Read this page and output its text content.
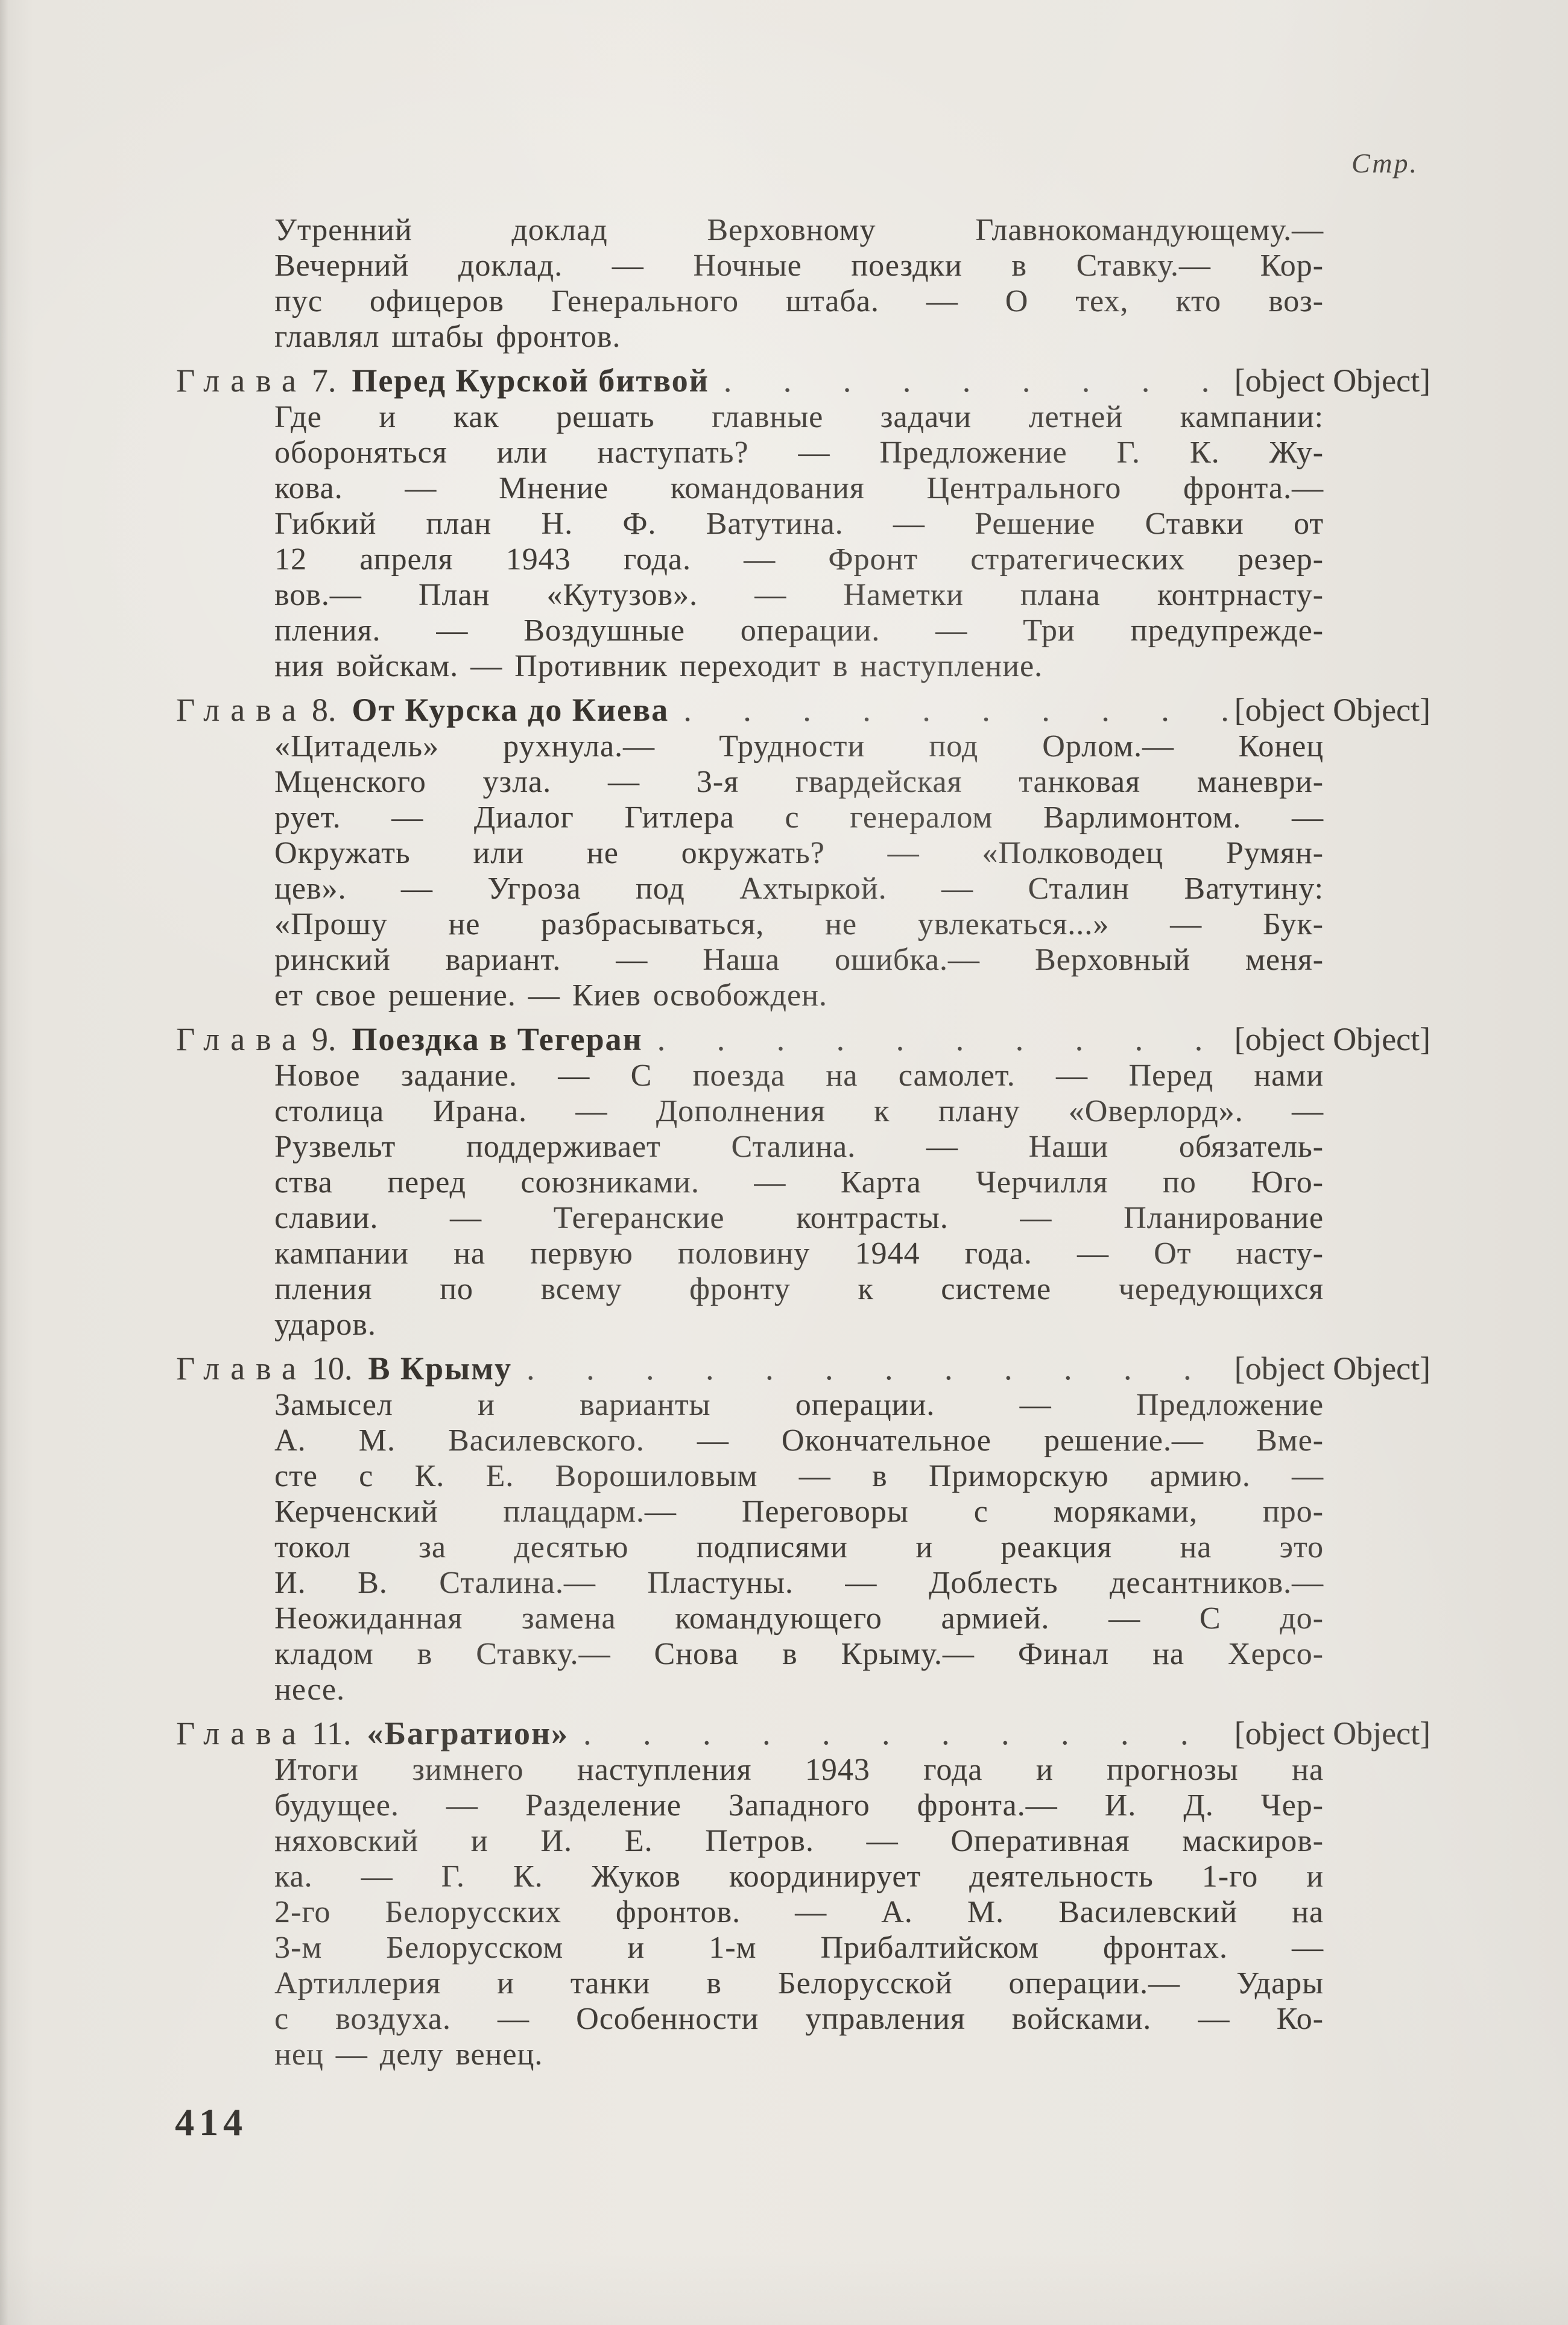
Стр.
Утренний доклад Верховному Главнокомандующему.—
Вечерний доклад. — Ночные поездки в Ставку.— Кор-
пус офицеров Генерального штаба. — О тех, кто воз-
главлял штабы фронтов.
Глава 7. Перед Курской битвой . . .	[object Object]
Где и как решать главные задачи летней кампании:
обороняться или наступать? — Предложение Г. К. Жу-
кова. — Мнение командования Центрального фронта.—
Гибкий план Н. Ф. Ватутина. — Решение Ставки от
12 апреля 1943 года. — Фронт стратегических резер-
вов.— План «Кутузов». — Наметки плана контрнасту-
пления. — Воздушные операции. — Три предупрежде-
ния войскам. — Противник переходит в наступление.
Глава 8. От Курска до Киева . . .	[object Object]
«Цитадель» рухнула.— Трудности под Орлом.— Конец
Мценского узла. — 3-я гвардейская танковая маневри-
рует. — Диалог Гитлера с генералом Варлимонтом. —
Окружать или не окружать? — «Полководец Румян-
цев». — Угроза под Ахтыркой. — Сталин Ватутину:
«Прошу не разбрасываться, не увлекаться...» — Бук-
ринский вариант. — Наша ошибка.— Верховный меня-
ет свое решение. — Киев освобожден.
Глава 9. Поездка в Тегеран . . .	[object Object]
Новое задание. — С поезда на самолет. — Перед нами
столица Ирана. — Дополнения к плану «Оверлорд». —
Рузвельт поддерживает Сталина. — Наши обязатель-
ства перед союзниками. — Карта Черчилля по Юго-
славии. — Тегеранские контрасты. — Планирование
кампании на первую половину 1944 года. — От насту-
пления по всему фронту к системе чередующихся
ударов.
Глава 10. В Крыму . . .	[object Object]
Замысел и варианты операции. — Предложение
А. М. Василевского. — Окончательное решение.— Вме-
сте с К. Е. Ворошиловым — в Приморскую армию. —
Керченский плацдарм.— Переговоры с моряками, про-
токол за десятью подписями и реакция на это
И. В. Сталина.— Пластуны. — Доблесть десантников.—
Неожиданная замена командующего армией. — С до-
кладом в Ставку.— Снова в Крыму.— Финал на Херсо-
несе.
Глава 11. «Багратион» . . .	[object Object]
Итоги зимнего наступления 1943 года и прогнозы на
будущее. — Разделение Западного фронта.— И. Д. Чер-
няховский и И. Е. Петров. — Оперативная маскиров-
ка. — Г. К. Жуков координирует деятельность 1-го и
2-го Белорусских фронтов. — А. М. Василевский на
3-м Белорусском и 1-м Прибалтийском фронтах. —
Артиллерия и танки в Белорусской операции.— Удары
с воздуха. — Особенности управления войсками. — Ко-
нец — делу венец.
414
